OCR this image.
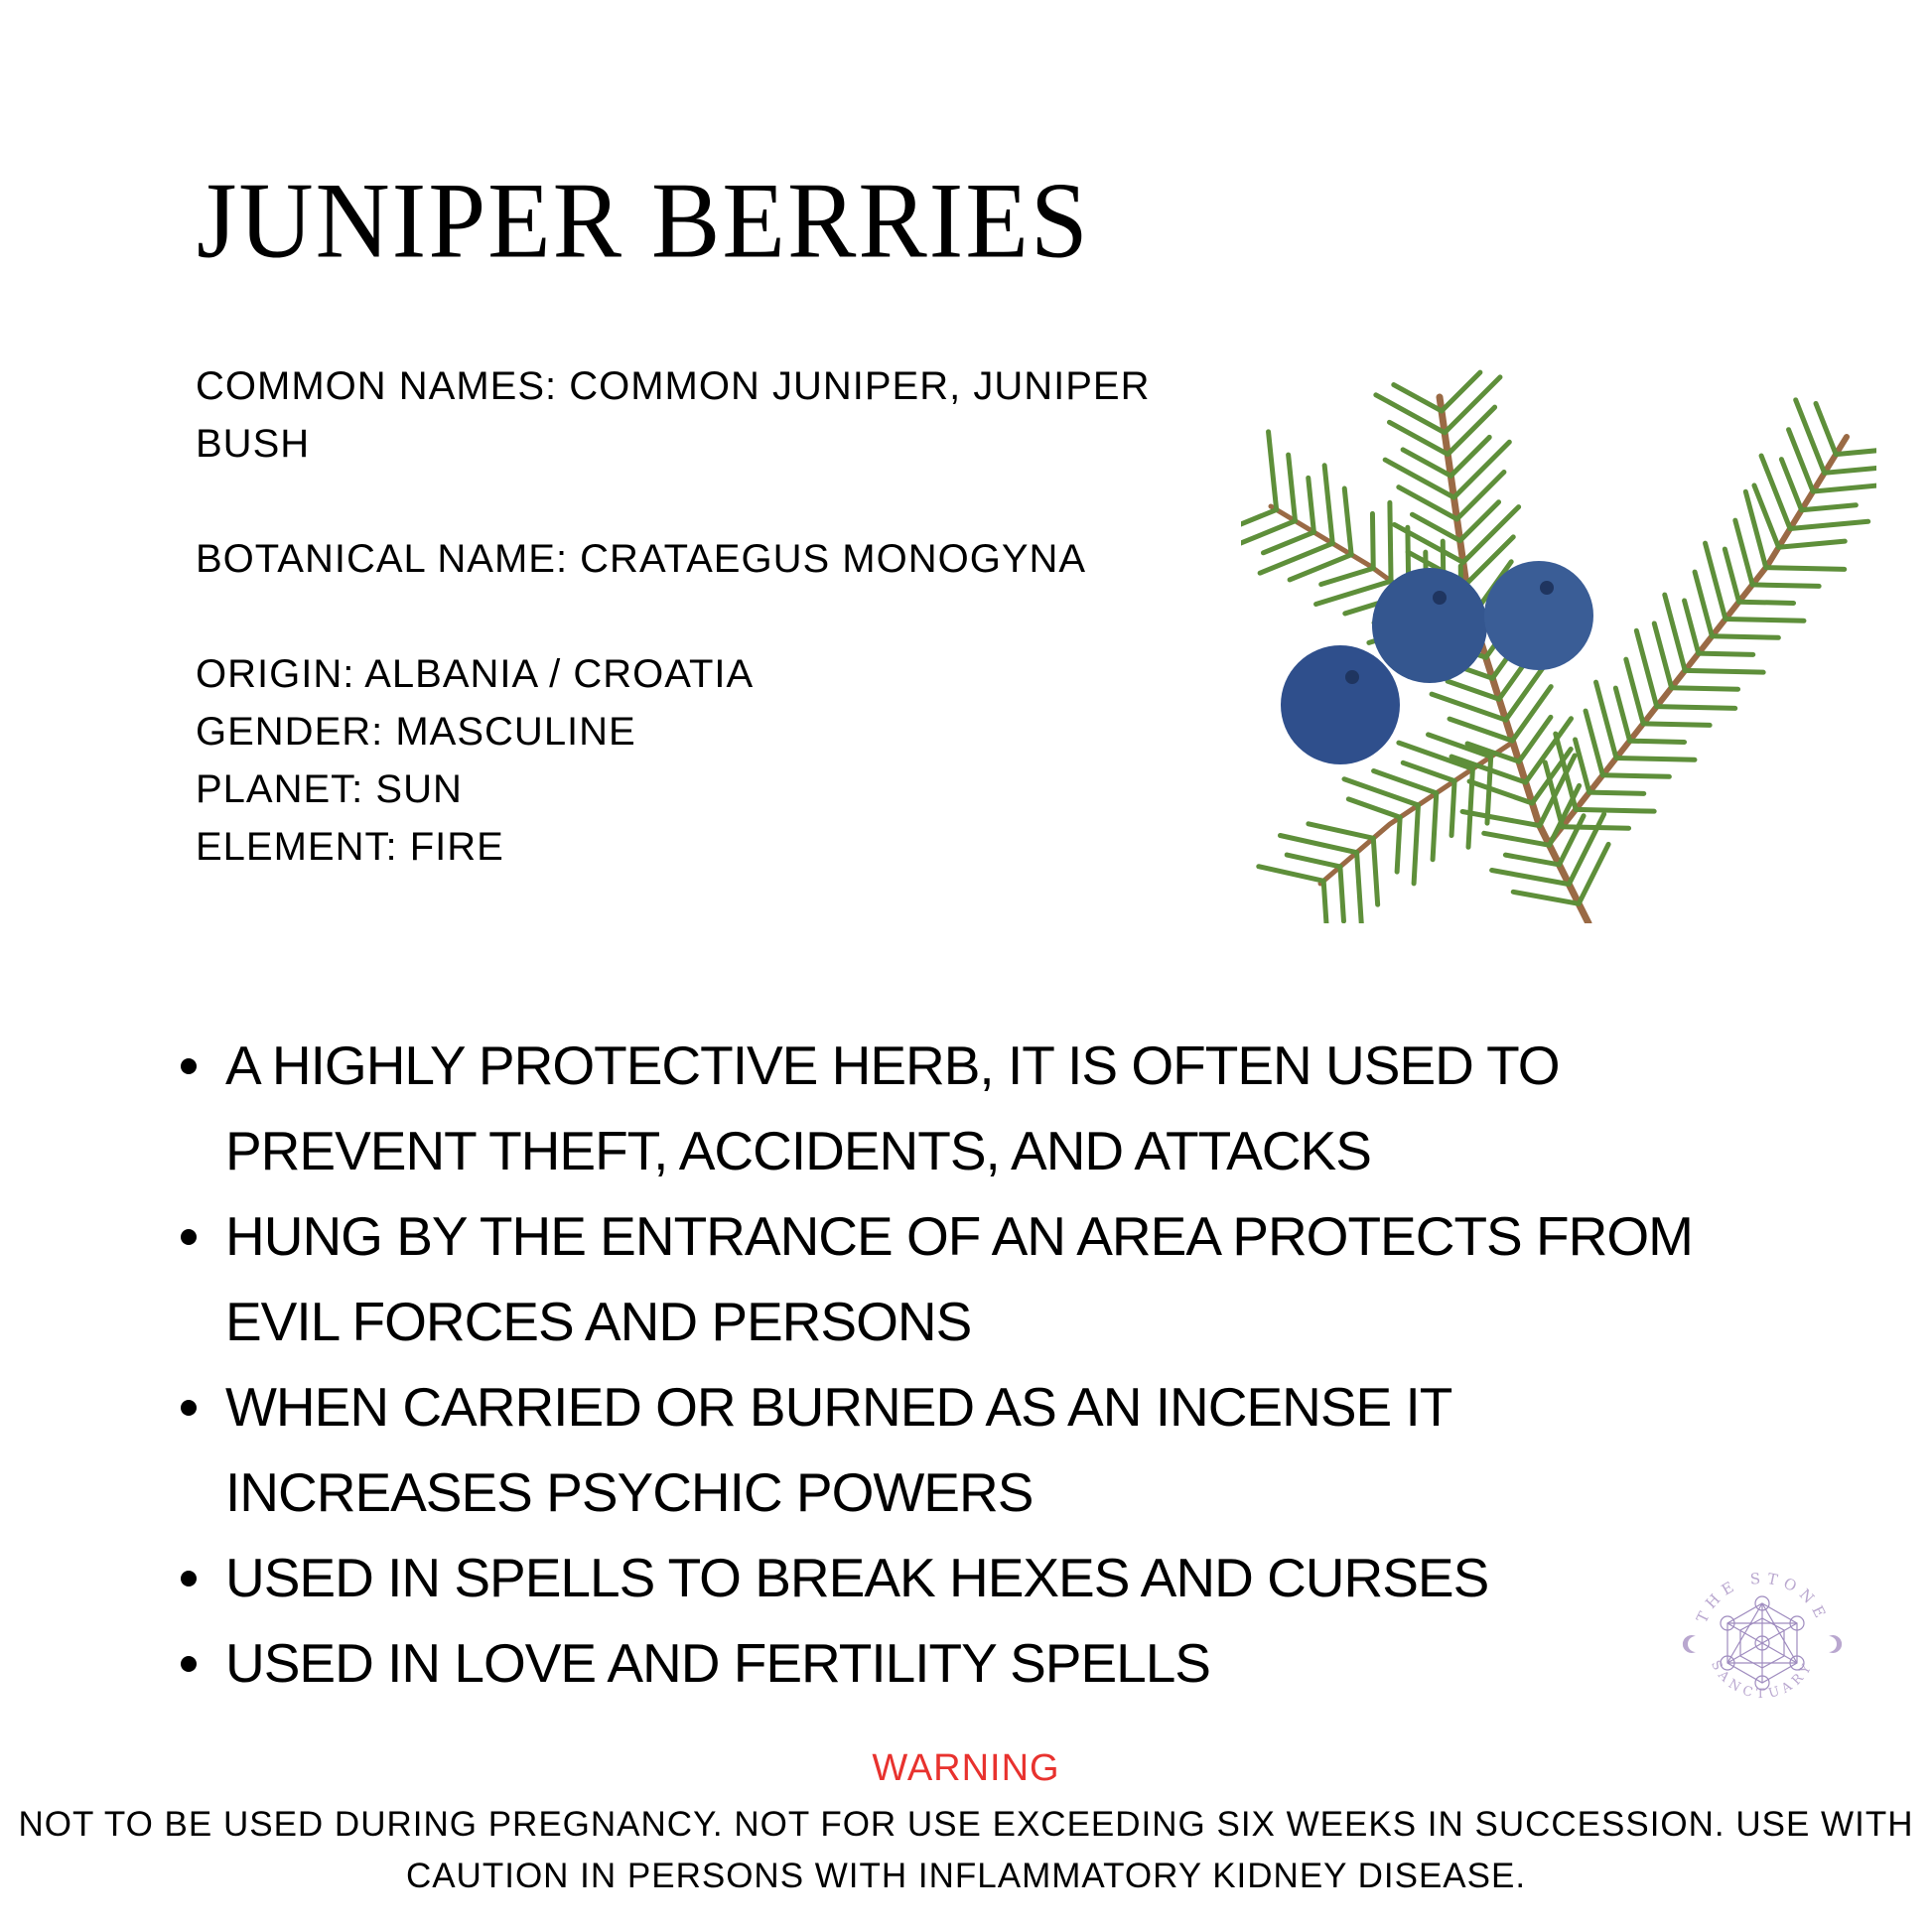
JUNIPER BERRIES
COMMON NAMES: COMMON JUNIPER, JUNIPER
BUSH
BOTANICAL NAME: CRATAEGUS MONOGYNA
ORIGIN: ALBANIA / CROATIA
GENDER: MASCULINE
PLANET: SUN
ELEMENT: FIRE
A HIGHLY PROTECTIVE HERB, IT IS OFTEN USED TO PREVENT THEFT, ACCIDENTS, AND ATTACKS
HUNG BY THE ENTRANCE OF AN AREA PROTECTS FROM EVIL FORCES AND PERSONS
WHEN CARRIED OR BURNED AS AN INCENSE IT INCREASES PSYCHIC POWERS
USED IN SPELLS TO BREAK HEXES AND CURSES
USED IN LOVE AND FERTILITY SPELLS
THE STONE
SANCTUARY
WARNING
NOT TO BE USED DURING PREGNANCY. NOT FOR USE EXCEEDING SIX WEEKS IN SUCCESSION. USE WITH CAUTION IN PERSONS WITH INFLAMMATORY KIDNEY DISEASE.
